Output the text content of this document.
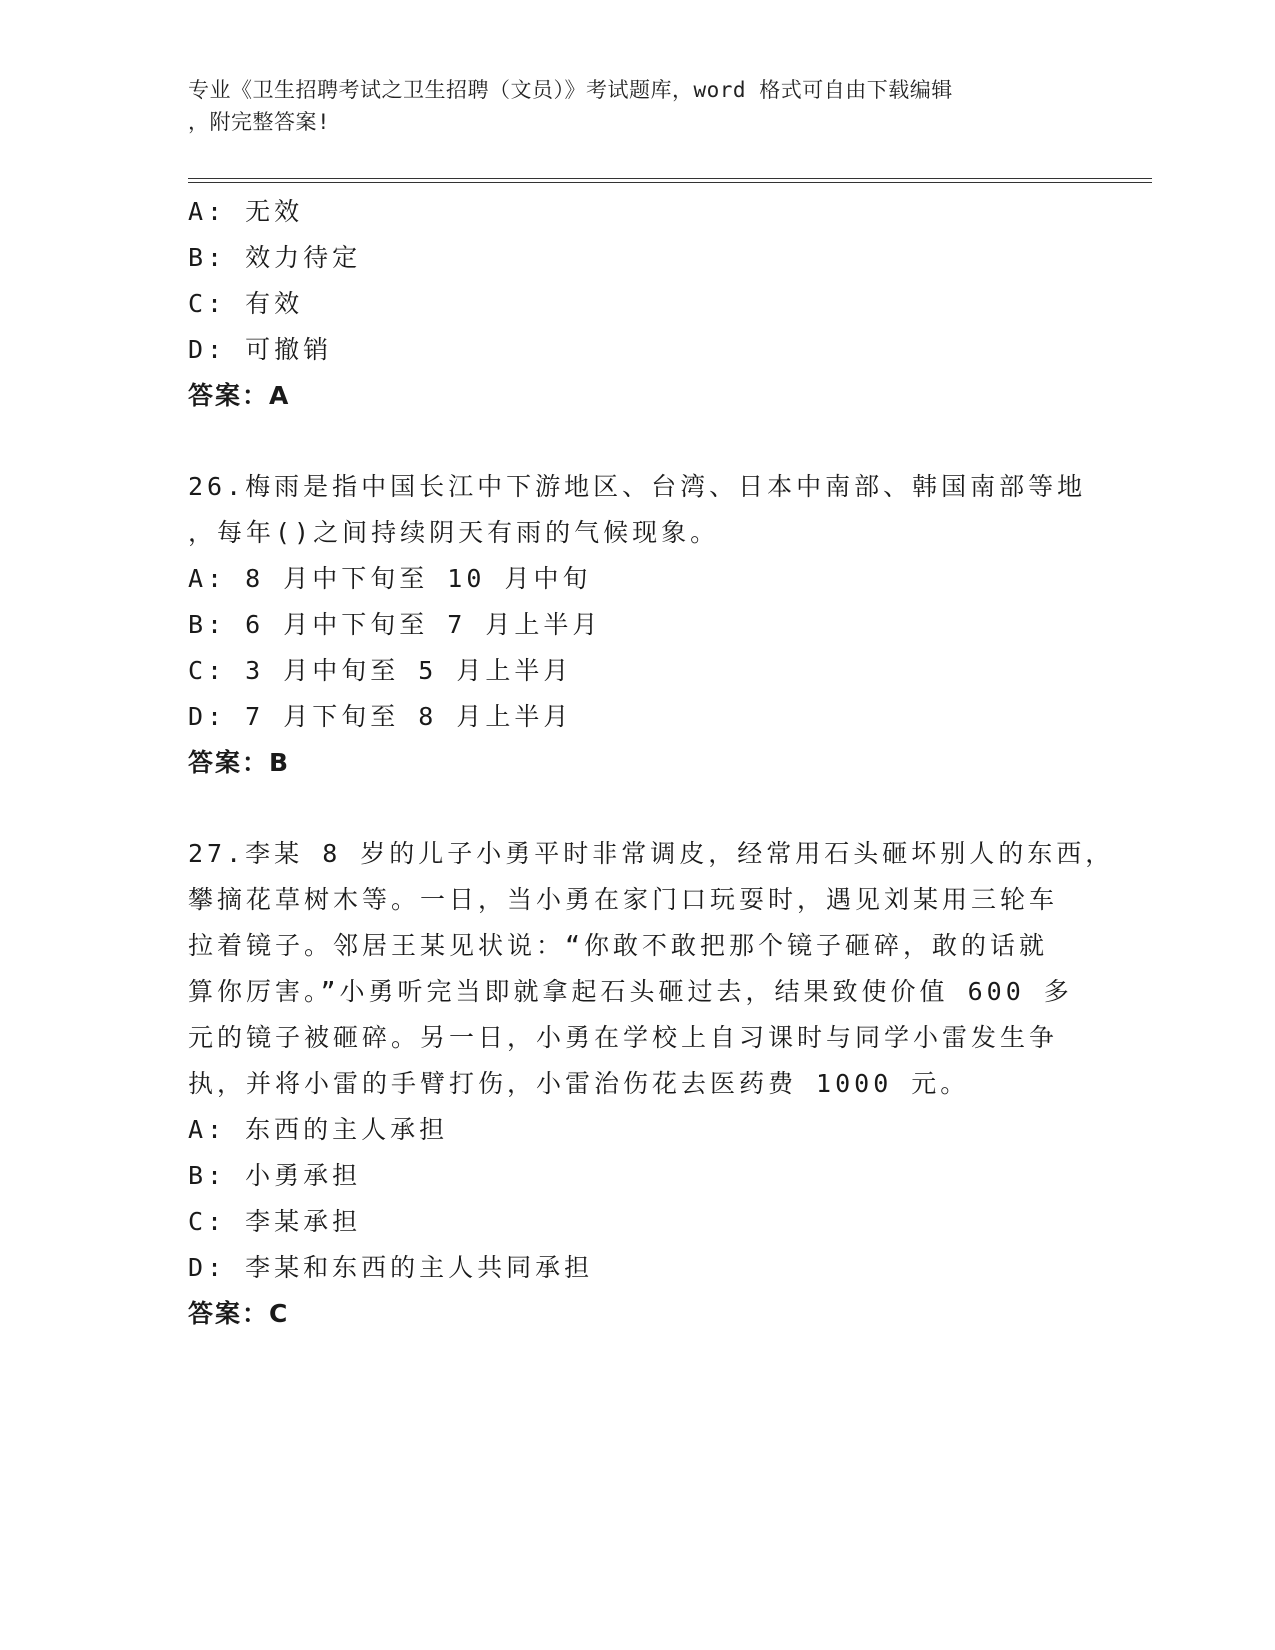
专业《卫生招聘考试之卫生招聘（文员）》考试题库，word 格式可自由下载编辑
，附完整答案!
A: 无效
B: 效力待定
C: 有效
D: 可撤销
答案：A
26.梅雨是指中国长江中下游地区、台湾、日本中南部、韩国南部等地
，每年()之间持续阴天有雨的气候现象。
A: 8 月中下旬至 10 月中旬
B: 6 月中下旬至 7 月上半月
C: 3 月中旬至 5 月上半月
D: 7 月下旬至 8 月上半月
答案：B
27.李某 8 岁的儿子小勇平时非常调皮，经常用石头砸坏别人的东西，
攀摘花草树木等。一日，当小勇在家门口玩耍时，遇见刘某用三轮车
拉着镜子。邻居王某见状说：“你敢不敢把那个镜子砸碎，敢的话就
算你厉害。”小勇听完当即就拿起石头砸过去，结果致使价值 600 多
元的镜子被砸碎。另一日，小勇在学校上自习课时与同学小雷发生争
执，并将小雷的手臂打伤，小雷治伤花去医药费 1000 元。
A: 东西的主人承担
B: 小勇承担
C: 李某承担
D: 李某和东西的主人共同承担
答案：C
